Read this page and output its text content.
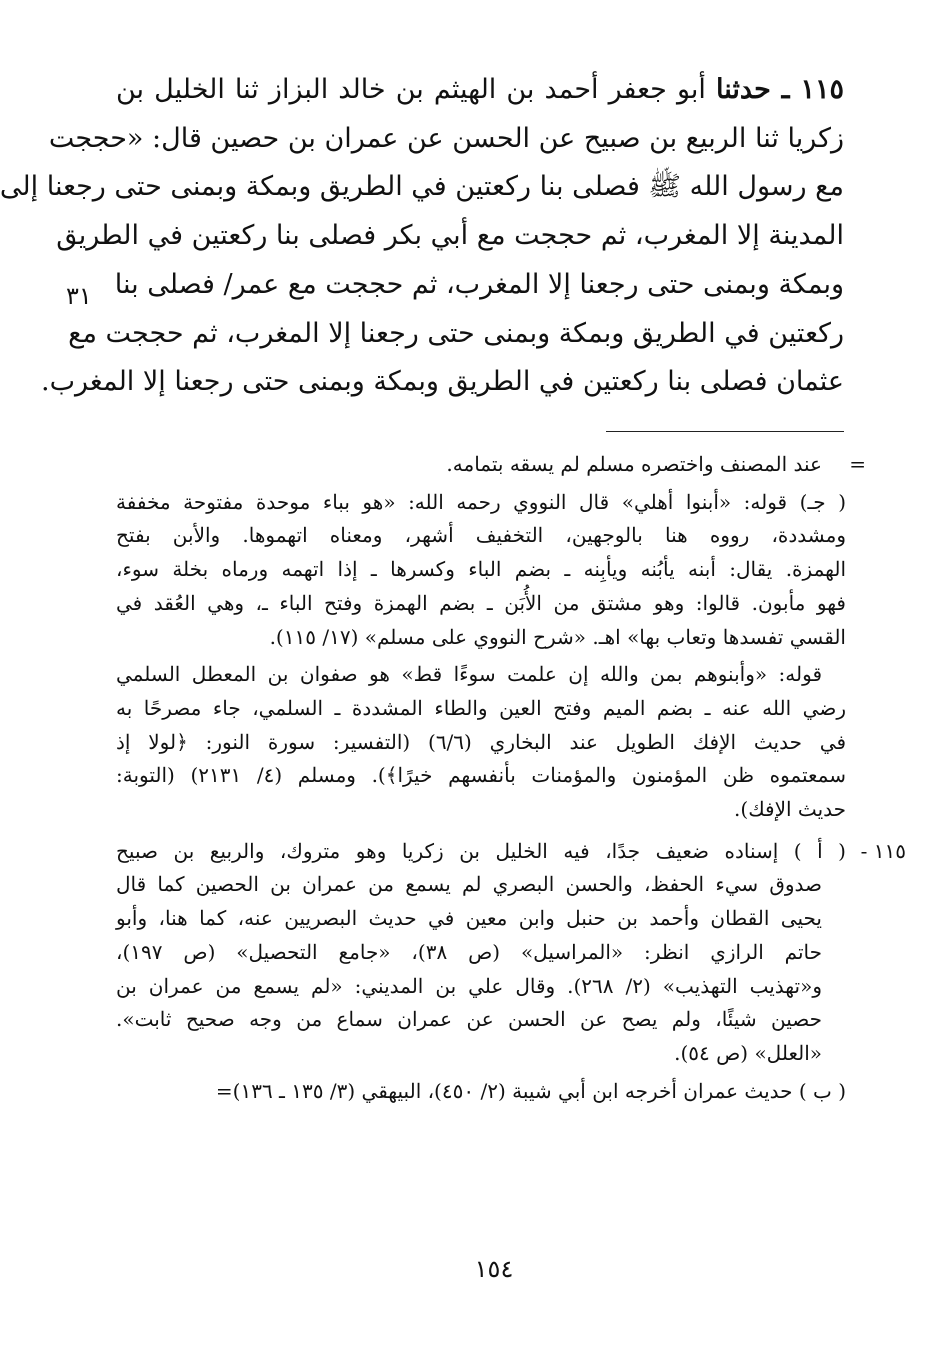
١١٥ ـ حدثنا أبو جعفر أحمد بن الهيثم بن خالد البزاز ثنا الخليل بن
زكريا ثنا الربيع بن صبيح عن الحسن عن عمران بن حصين قال: «حججت
مع رسول الله ﷺ فصلى بنا ركعتين في الطريق وبمكة وبمنى حتى رجعنا إلى
المدينة إلا المغرب، ثم حججت مع أبي بكر فصلى بنا ركعتين في الطريق
وبمكة وبمنى حتى رجعنا إلا المغرب، ثم حججت مع عمر/ فصلى بنا
ركعتين في الطريق وبمكة وبمنى حتى رجعنا إلا المغرب، ثم حججت مع
عثمان فصلى بنا ركعتين في الطريق وبمكة وبمنى حتى رجعنا إلا المغرب.
٣١
=
عند المصنف واختصره مسلم لم يسقه بتمامه.
( جـ) قوله: «أبنوا أهلي» قال النووي رحمه الله: «هو بباء موحدة مفتوحة مخففة
ومشددة، رووه هنا بالوجهين، التخفيف أشهر، ومعناه اتهموها. والأبن بفتح
الهمزة. يقال: أبنه يأبُنه ويأبِنه ـ بضم الباء وكسرها ـ إذا اتهمه ورماه بخلة سوء،
فهو مأبون. قالوا: وهو مشتق من الأُبَن ـ بضم الهمزة وفتح الباء ـ، وهي العُقد في
القسي تفسدها وتعاب بها» اهـ. «شرح النووي على مسلم» (١٧/ ١١٥).
قوله: «وأبنوهم بمن والله إن علمت سوءًا قط» هو صفوان بن المعطل السلمي
رضي الله عنه ـ بضم الميم وفتح العين والطاء المشددة ـ السلمي، جاء مصرحًا به
في حديث الإفك الطويل عند البخاري (٦/٦) (التفسير: سورة النور: ﴿لولا إذ
سمعتموه ظن المؤمنون والمؤمنات بأنفسهم خيرًا﴾). ومسلم (٤/ ٢١٣١) (التوبة:
حديث الإفك).
١١٥ -
( أ ) إسناده ضعيف جدًا، فيه الخليل بن زكريا وهو متروك، والربيع بن صبيح
صدوق سيء الحفظ، والحسن البصري لم يسمع من عمران بن الحصين كما قال
يحيى القطان وأحمد بن حنبل وابن معين في حديث البصريين عنه، كما هنا، وأبو
حاتم الرازي انظر: «المراسيل» (ص ٣٨)، «جامع التحصيل» (ص ١٩٧)،
و«تهذيب التهذيب» (٢/ ٢٦٨). وقال علي بن المديني: «لم يسمع من عمران بن
حصين شيئًا، ولم يصح عن الحسن عن عمران سماع من وجه صحيح ثابت».
«العلل» (ص ٥٤).
( ب ) حديث عمران أخرجه ابن أبي شيبة (٢/ ٤٥٠)، البيهقي (٣/ ١٣٥ ـ ١٣٦)=
١٥٤
